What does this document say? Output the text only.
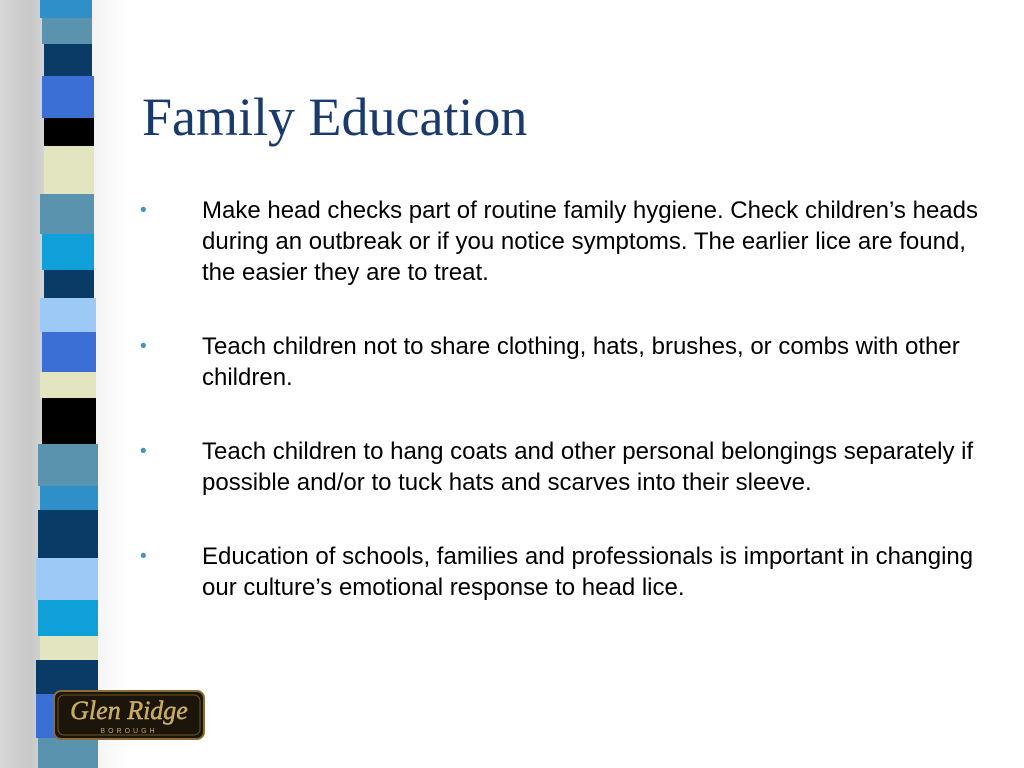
Family Education
• Make head checks part of routine family hygiene. Check children’s heads during an outbreak or if you notice symptoms. The earlier lice are found, the easier they are to treat.
• Teach children not to share clothing, hats, brushes, or combs with other children.
• Teach children to hang coats and other personal belongings separately if possible and/or to tuck hats and scarves into their sleeve.
• Education of schools, families and professionals is important in changing our culture’s emotional response to head lice.
Glen Ridge
BOROUGH
